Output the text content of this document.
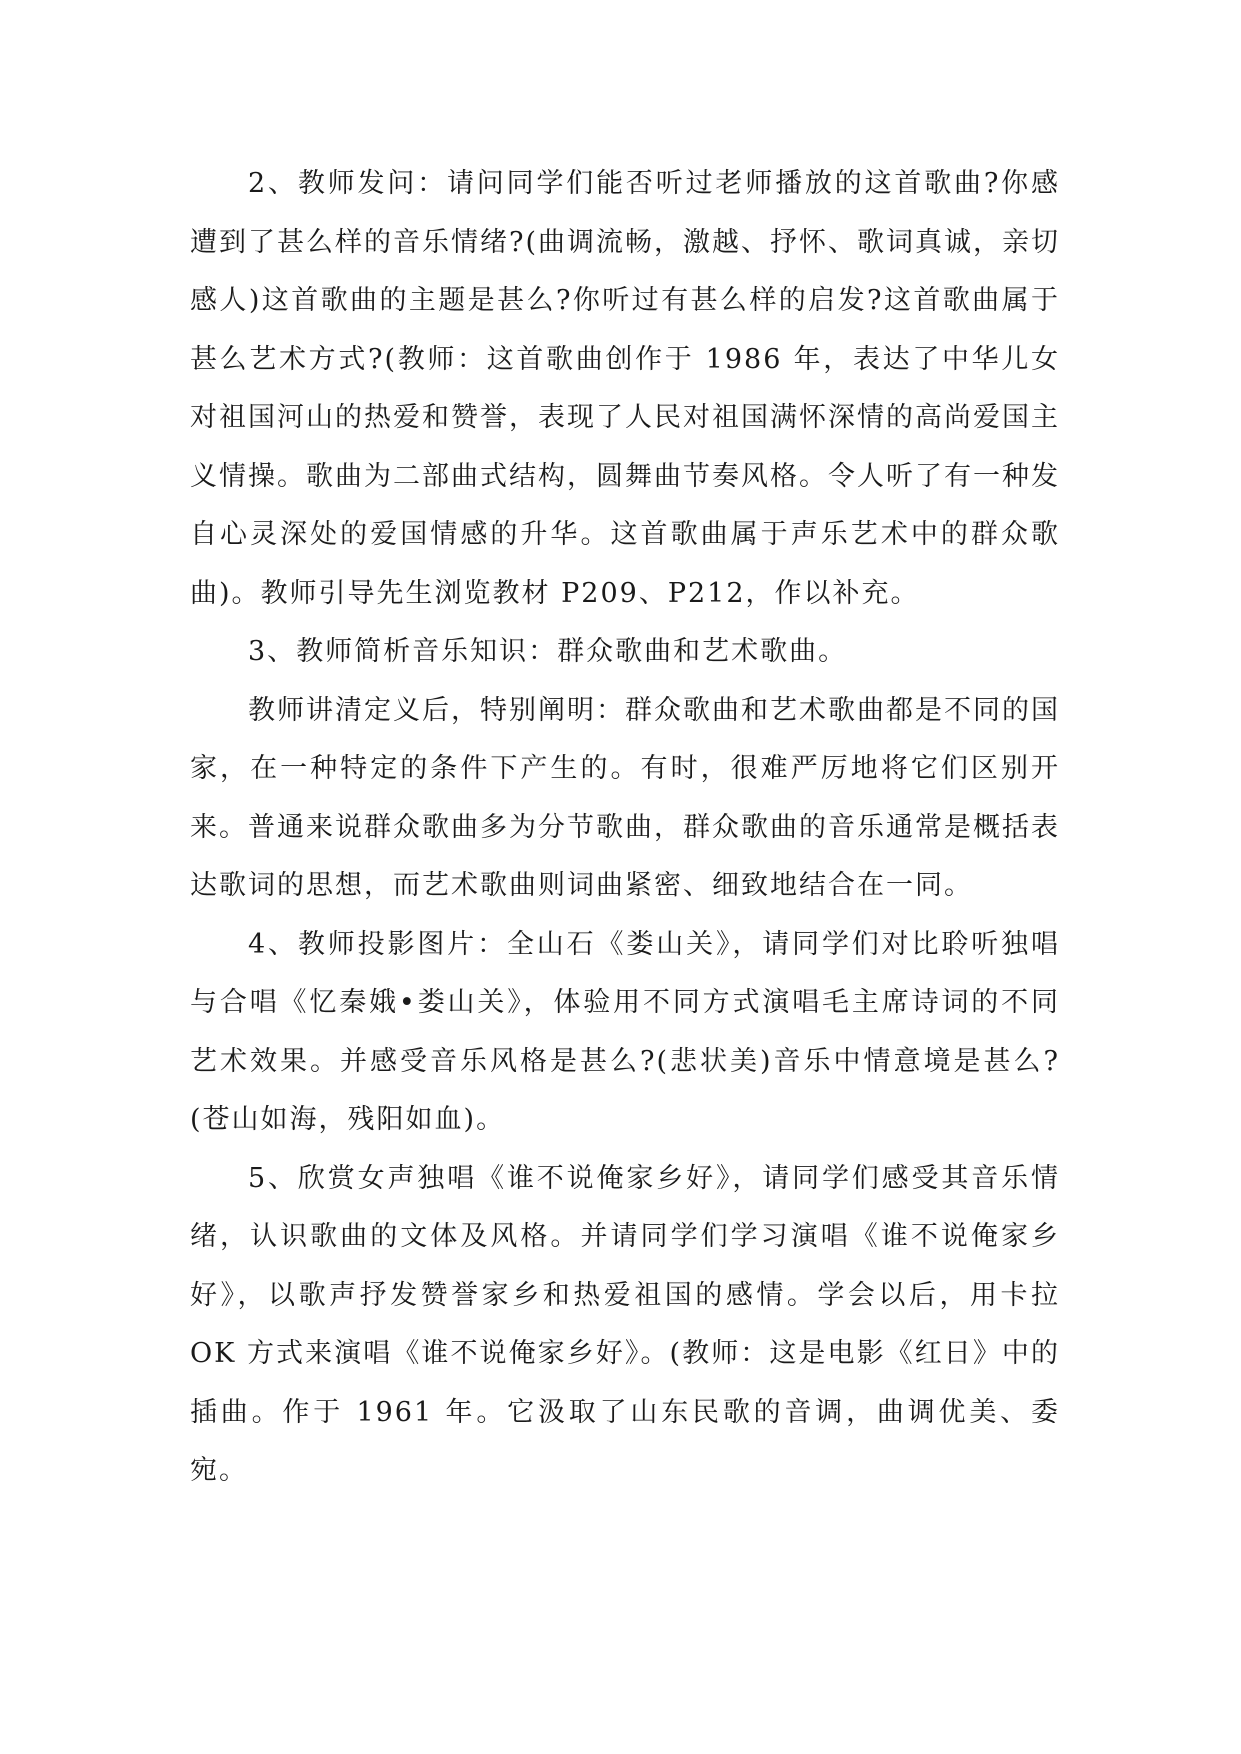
2、教师发问：请问同学们能否听过老师播放的这首歌曲?你感遭到了甚么样的音乐情绪?(曲调流畅，激越、抒怀、歌词真诚，亲切感人)这首歌曲的主题是甚么?你听过有甚么样的启发?这首歌曲属于甚么艺术方式?(教师：这首歌曲创作于 1986 年，表达了中华儿女对祖国河山的热爱和赞誉，表现了人民对祖国满怀深情的高尚爱国主义情操。歌曲为二部曲式结构，圆舞曲节奏风格。令人听了有一种发自心灵深处的爱国情感的升华。这首歌曲属于声乐艺术中的群众歌曲)。教师引导先生浏览教材 P209、P212，作以补充。

3、教师简析音乐知识：群众歌曲和艺术歌曲。

教师讲清定义后，特别阐明：群众歌曲和艺术歌曲都是不同的国家，在一种特定的条件下产生的。有时，很难严厉地将它们区别开来。普通来说群众歌曲多为分节歌曲，群众歌曲的音乐通常是概括表达歌词的思想，而艺术歌曲则词曲紧密、细致地结合在一同。

4、教师投影图片：全山石《娄山关》，请同学们对比聆听独唱与合唱《忆秦娥•娄山关》，体验用不同方式演唱毛主席诗词的不同艺术效果。并感受音乐风格是甚么?(悲状美)音乐中情意境是甚么?(苍山如海，残阳如血)。

5、欣赏女声独唱《谁不说俺家乡好》，请同学们感受其音乐情绪，认识歌曲的文体及风格。并请同学们学习演唱《谁不说俺家乡好》，以歌声抒发赞誉家乡和热爱祖国的感情。学会以后，用卡拉 OK 方式来演唱《谁不说俺家乡好》。(教师：这是电影《红日》中的插曲。作于 1961 年。它汲取了山东民歌的音调，曲调优美、委宛。
